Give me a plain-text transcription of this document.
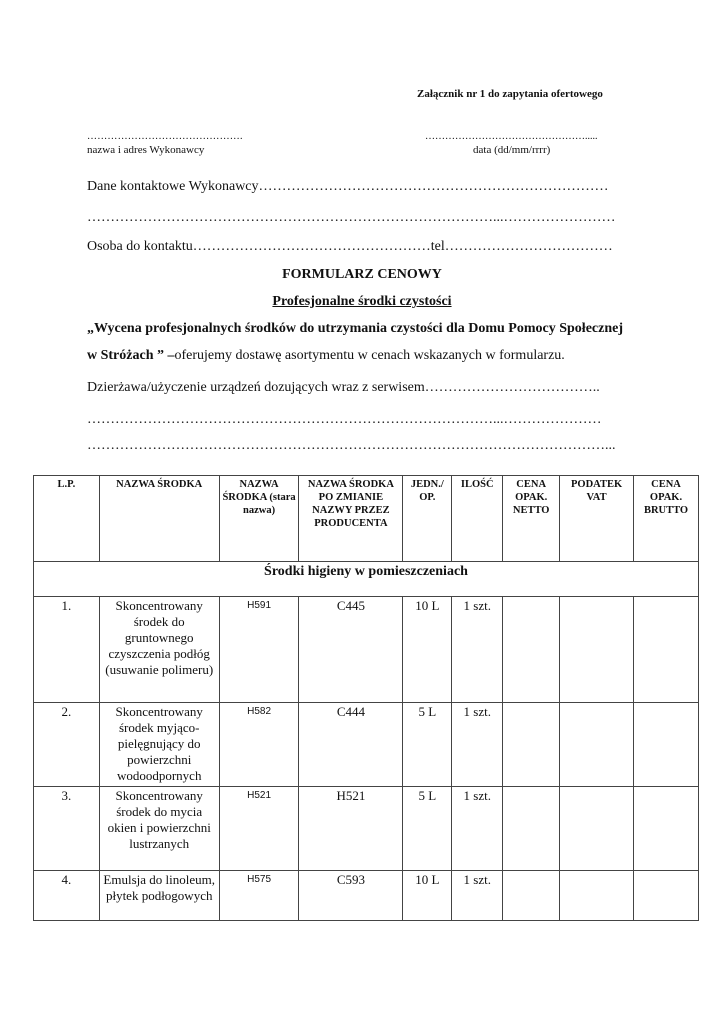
Załącznik nr 1 do zapytania ofertowego
……………………………………….
nazwa i adres Wykonawcy
………………………………………….....
data (dd/mm/rrrr)
Dane kontaktowe Wykonawcy…………………………………………………………………
……………………………………………………………………………...……………………
Osoba do kontaktu……………………………………………tel………………………………
FORMULARZ CENOWY
Profesjonalne środki czystości
„Wycena profesjonalnych środków do utrzymania czystości dla Domu Pomocy Społecznej
w Stróżach ” –oferujemy dostawę asortymentu w cenach wskazanych w formularzu.
Dzierżawa/użyczenie urządzeń dozujących wraz z serwisem………………………………..
……………………………………………………………………………...…………………
…………………………………………………………………………………………………...
L.P.	NAZWA ŚRODKA	NAZWA ŚRODKA (stara nazwa)	NAZWA ŚRODKA PO ZMIANIE NAZWY PRZEZ PRODUCENTA	JEDN./ OP.	ILOŚĆ	CENA OPAK. NETTO	PODATEK VAT	CENA OPAK. BRUTTO
Środki higieny w pomieszczeniach								
1.	Skoncentrowany środek do gruntownego czyszczenia podłóg (usuwanie polimeru)	H591	C445	10 L	1 szt.			
2.	Skoncentrowany środek myjąco-pielęgnujący do powierzchni wodoodpornych	H582	C444	5 L	1 szt.			
3.	Skoncentrowany środek do mycia okien i powierzchni lustrzanych	H521	H521	5 L	1 szt.			
4.	Emulsja do linoleum, płytek podłogowych	H575	C593	10 L	1 szt.			
